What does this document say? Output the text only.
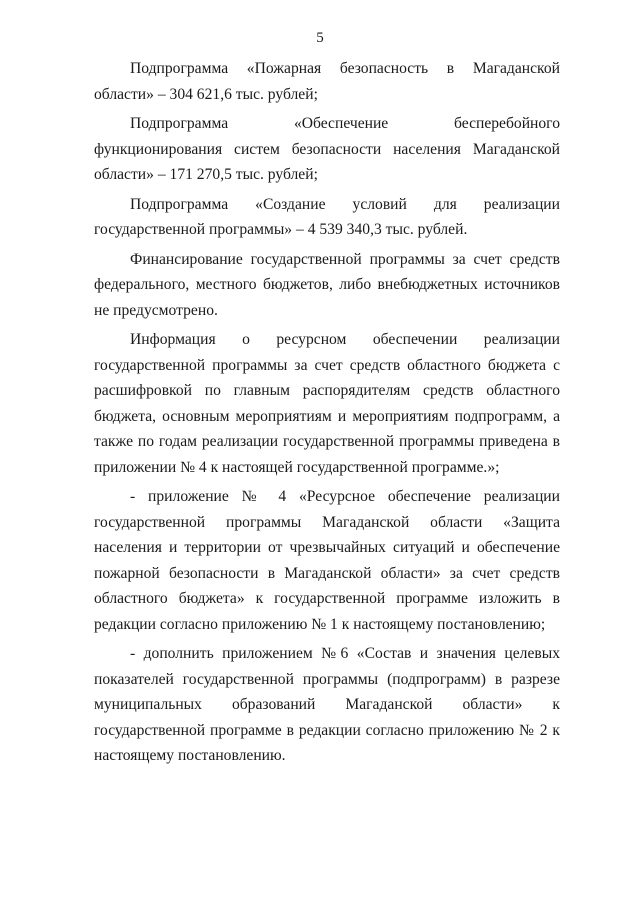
5

Подпрограмма «Пожарная безопасность в Магаданской области» – 304 621,6 тыс. рублей;

Подпрограмма «Обеспечение бесперебойного функционирования систем безопасности населения Магаданской области» – 171 270,5 тыс. рублей;

Подпрограмма «Создание условий для реализации государственной программы» – 4 539 340,3 тыс. рублей.

Финансирование государственной программы за счет средств федерального, местного бюджетов, либо внебюджетных источников не предусмотрено.

Информация о ресурсном обеспечении реализации государственной программы за счет средств областного бюджета с расшифровкой по главным распорядителям средств областного бюджета, основным мероприятиям и мероприятиям подпрограмм, а также по годам реализации государственной программы приведена в приложении № 4 к настоящей государственной программе.»;

- приложение № 4 «Ресурсное обеспечение реализации государственной программы Магаданской области «Защита населения и территории от чрезвычайных ситуаций и обеспечение пожарной безопасности в Магаданской области» за счет средств областного бюджета» к государственной программе изложить в редакции согласно приложению № 1 к настоящему постановлению;

- дополнить приложением №6 «Состав и значения целевых показателей государственной программы (подпрограмм) в разрезе муниципальных образований Магаданской области» к государственной программе в редакции согласно приложению № 2 к настоящему постановлению.
